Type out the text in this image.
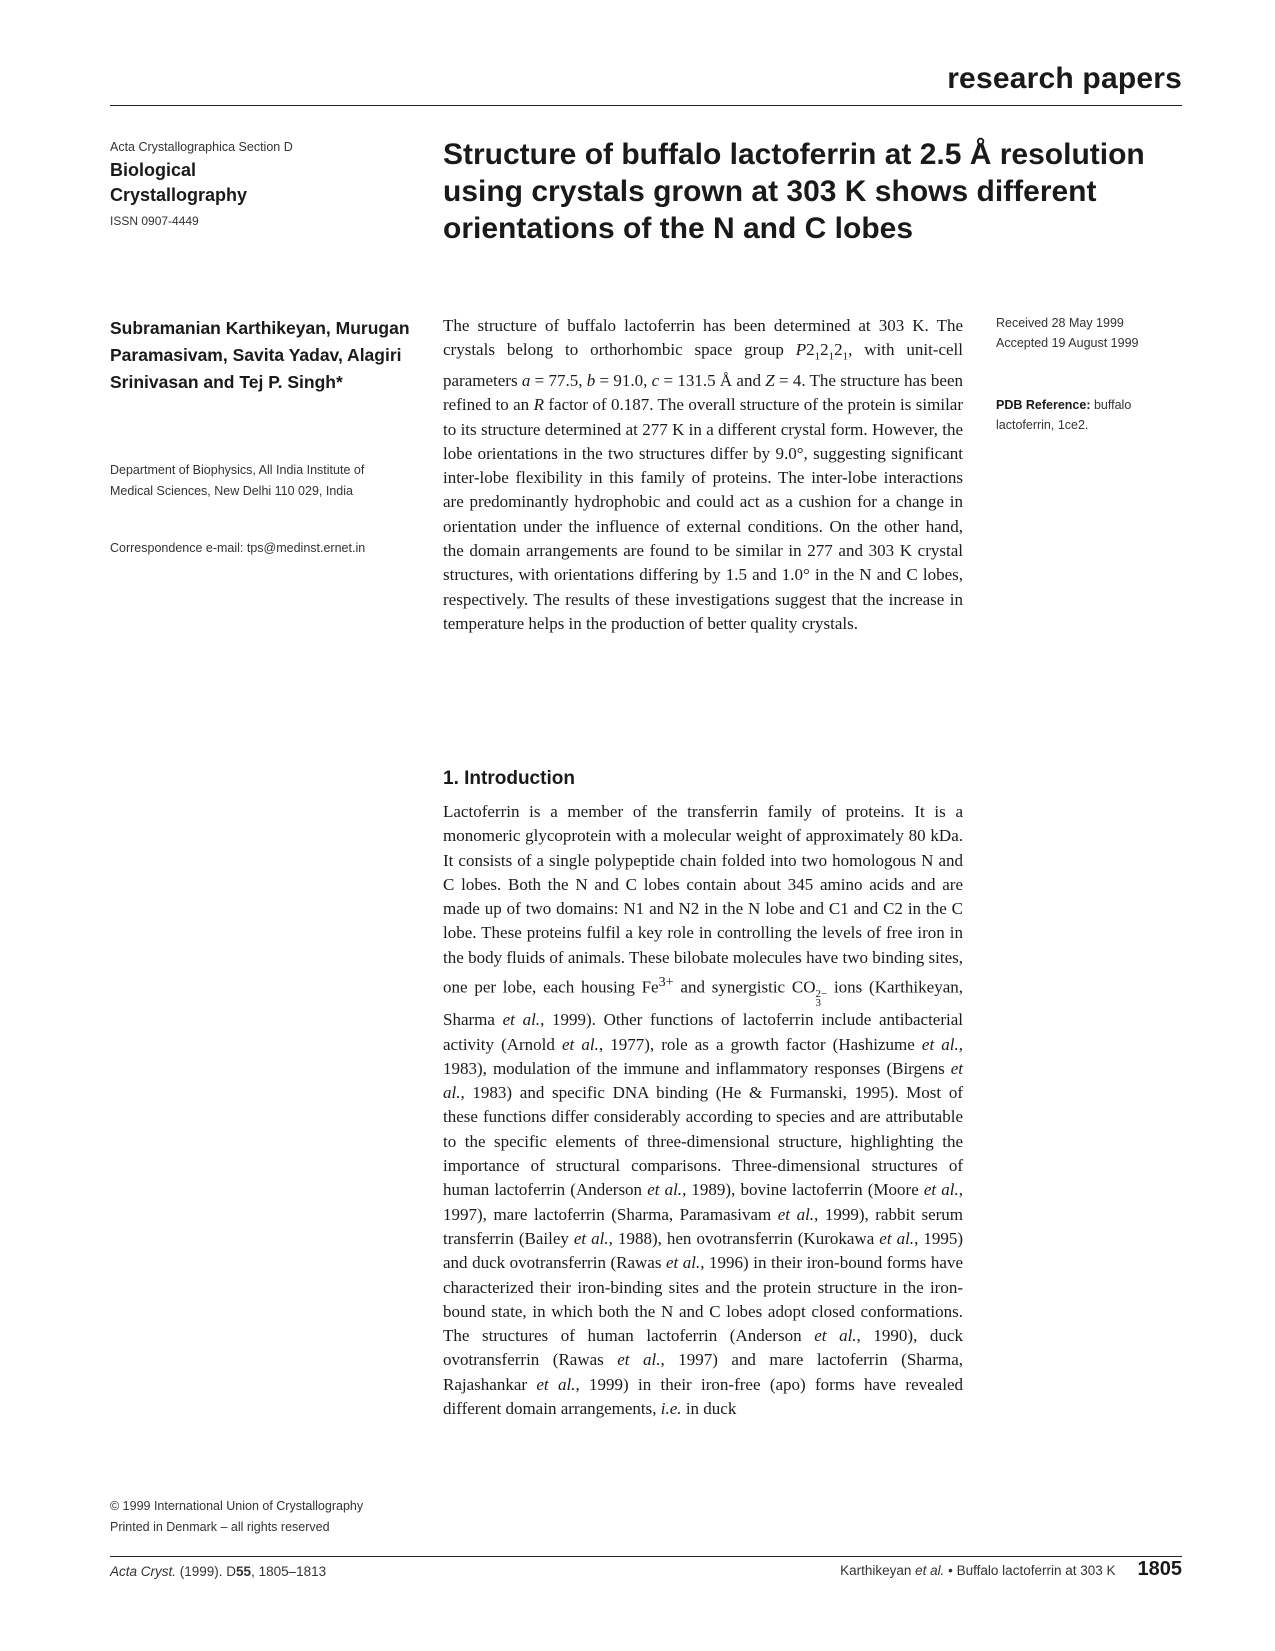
research papers
Acta Crystallographica Section D
Biological
Crystallography
ISSN 0907-4449
Structure of buffalo lactoferrin at 2.5 Å resolution using crystals grown at 303 K shows different orientations of the N and C lobes
Subramanian Karthikeyan, Murugan Paramasivam, Savita Yadav, Alagiri Srinivasan and Tej P. Singh*
Department of Biophysics, All India Institute of Medical Sciences, New Delhi 110 029, India
Correspondence e-mail: tps@medinst.ernet.in
The structure of buffalo lactoferrin has been determined at 303 K. The crystals belong to orthorhombic space group $P2_12_12_1$, with unit-cell parameters a = 77.5, b = 91.0, c = 131.5 Å and Z = 4. The structure has been refined to an R factor of 0.187. The overall structure of the protein is similar to its structure determined at 277 K in a different crystal form. However, the lobe orientations in the two structures differ by 9.0°, suggesting significant inter-lobe flexibility in this family of proteins. The inter-lobe interactions are predominantly hydrophobic and could act as a cushion for a change in orientation under the influence of external conditions. On the other hand, the domain arrangements are found to be similar in 277 and 303 K crystal structures, with orientations differing by 1.5 and 1.0° in the N and C lobes, respectively. The results of these investigations suggest that the increase in temperature helps in the production of better quality crystals.
Received 28 May 1999
Accepted 19 August 1999
PDB Reference: buffalo lactoferrin, 1ce2.
1. Introduction
Lactoferrin is a member of the transferrin family of proteins. It is a monomeric glycoprotein with a molecular weight of approximately 80 kDa. It consists of a single polypeptide chain folded into two homologous N and C lobes. Both the N and C lobes contain about 345 amino acids and are made up of two domains: N1 and N2 in the N lobe and C1 and C2 in the C lobe. These proteins fulfil a key role in controlling the levels of free iron in the body fluids of animals. These bilobate molecules have two binding sites, one per lobe, each housing $Fe^{3+}$ and synergistic CO 2−
3
ions (Karthikeyan, Sharma et al., 1999). Other functions of lactoferrin include antibacterial activity (Arnold et al., 1977), role as a growth factor (Hashizume et al., 1983), modulation of the immune and inflammatory responses (Birgens et al., 1983) and specific DNA binding (He & Furmanski, 1995). Most of these functions differ considerably according to species and are attributable to the specific elements of three-dimensional structure, highlighting the importance of structural comparisons. Three-dimensional structures of human lactoferrin (Anderson et al., 1989), bovine lactoferrin (Moore et al., 1997), mare lactoferrin (Sharma, Paramasivam et al., 1999), rabbit serum transferrin (Bailey et al., 1988), hen ovotransferrin (Kurokawa et al., 1995) and duck ovotransferrin (Rawas et al., 1996) in their iron-bound forms have characterized their iron-binding sites and the protein structure in the iron-bound state, in which both the N and C lobes adopt closed conformations. The structures of human lactoferrin (Anderson et al., 1990), duck ovotransferrin (Rawas et al., 1997) and mare lactoferrin (Sharma, Rajashankar et al., 1999) in their iron-free (apo) forms have revealed different domain arrangements, i.e. in duck
© 1999 International Union of Crystallography
Printed in Denmark – all rights reserved
Acta Cryst. (1999). D55, 1805–1813	Karthikeyan et al. • Buffalo lactoferrin at 303 K 1805
